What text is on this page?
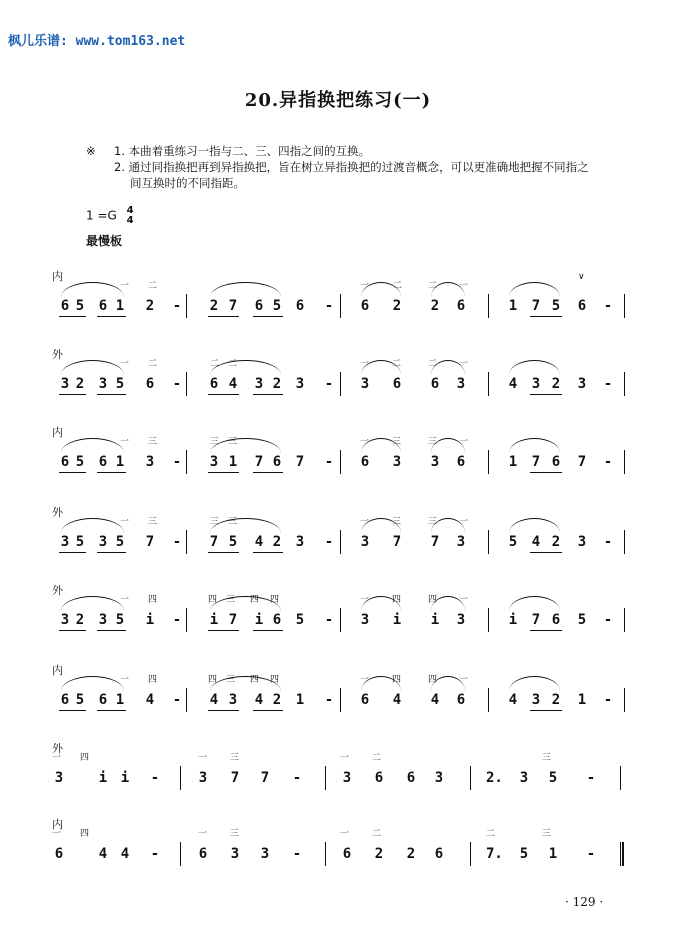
枫儿乐谱: www.tom163.net
20.异指换把练习(一)
※ 1. 本曲着重练习一指与二、三、四指之间的互换。

2. 通过同指换把再到异指换把，旨在树立异指换把的过渡音概念，可以更准确地把握不同指之

间互换时的不同指距。

1 =G 4
4
最慢板
内
一 二	一	二	二 一
∨
6 5 6 1 2 - 2 7 6 5 6 - 6 2 2 6	1 7 5 6 -
外
一 二	二 二	一	二	二 一
3 2 3 5 6 - 6 4 3 2 3 - 3 6 6 3	4 3 2 3 -
内
一 三	三 三	一	三	三 一
6 5 6 1 3 - 3 1 7 6 7 - 6 3 3 6	1 7 6 7 -
外
一 三	三 三	一	三	三 一
3 5 3 5 7 - 7 5 4 2 3 - 3 7 7 3	5 4 2 3 -
外
一 四	四 三 四 四	一	四	四 一
3 2 3 5 i - i 7 i 6 5 - 3 i i 3	i 7 6 5 -
内
一 四	四 三 四 四	一	四	四 一
6 5 6 1 4 - 4 3 4 2 1 - 6 4 4 6	4 3 2 1 -
外
一 四	一	三	一	二	三
3	i i -	3 7 7 -	3 6 6 3	2. 3 5 -
内
一 四	一	三	一	二	二	三
6	4 4 -	6 3 3 -	6 2 2 6	7. 5 1 -
· 129 ·
